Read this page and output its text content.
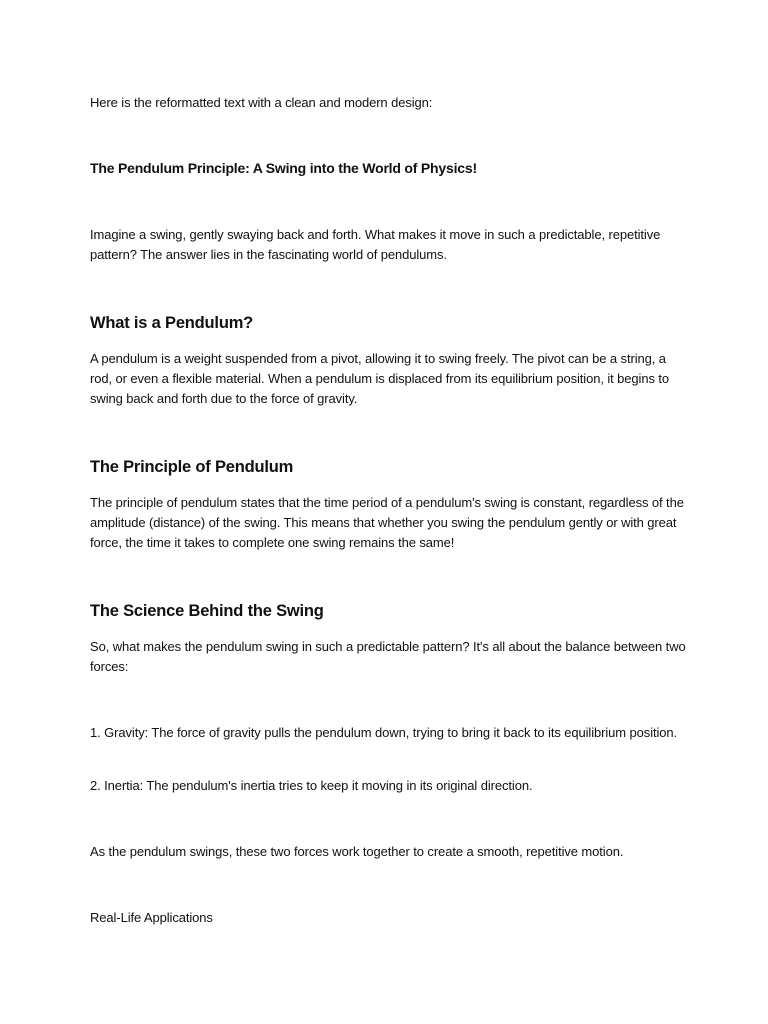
Here is the reformatted text with a clean and modern design:

The Pendulum Principle: A Swing into the World of Physics!

Imagine a swing, gently swaying back and forth. What makes it move in such a predictable, repetitive pattern? The answer lies in the fascinating world of pendulums.

What is a Pendulum?

A pendulum is a weight suspended from a pivot, allowing it to swing freely. The pivot can be a string, a rod, or even a flexible material. When a pendulum is displaced from its equilibrium position, it begins to swing back and forth due to the force of gravity.

The Principle of Pendulum

The principle of pendulum states that the time period of a pendulum's swing is constant, regardless of the amplitude (distance) of the swing. This means that whether you swing the pendulum gently or with great force, the time it takes to complete one swing remains the same!

The Science Behind the Swing

So, what makes the pendulum swing in such a predictable pattern? It's all about the balance between two forces:

1. Gravity: The force of gravity pulls the pendulum down, trying to bring it back to its equilibrium position.

2. Inertia: The pendulum's inertia tries to keep it moving in its original direction.

As the pendulum swings, these two forces work together to create a smooth, repetitive motion.

Real-Life Applications
